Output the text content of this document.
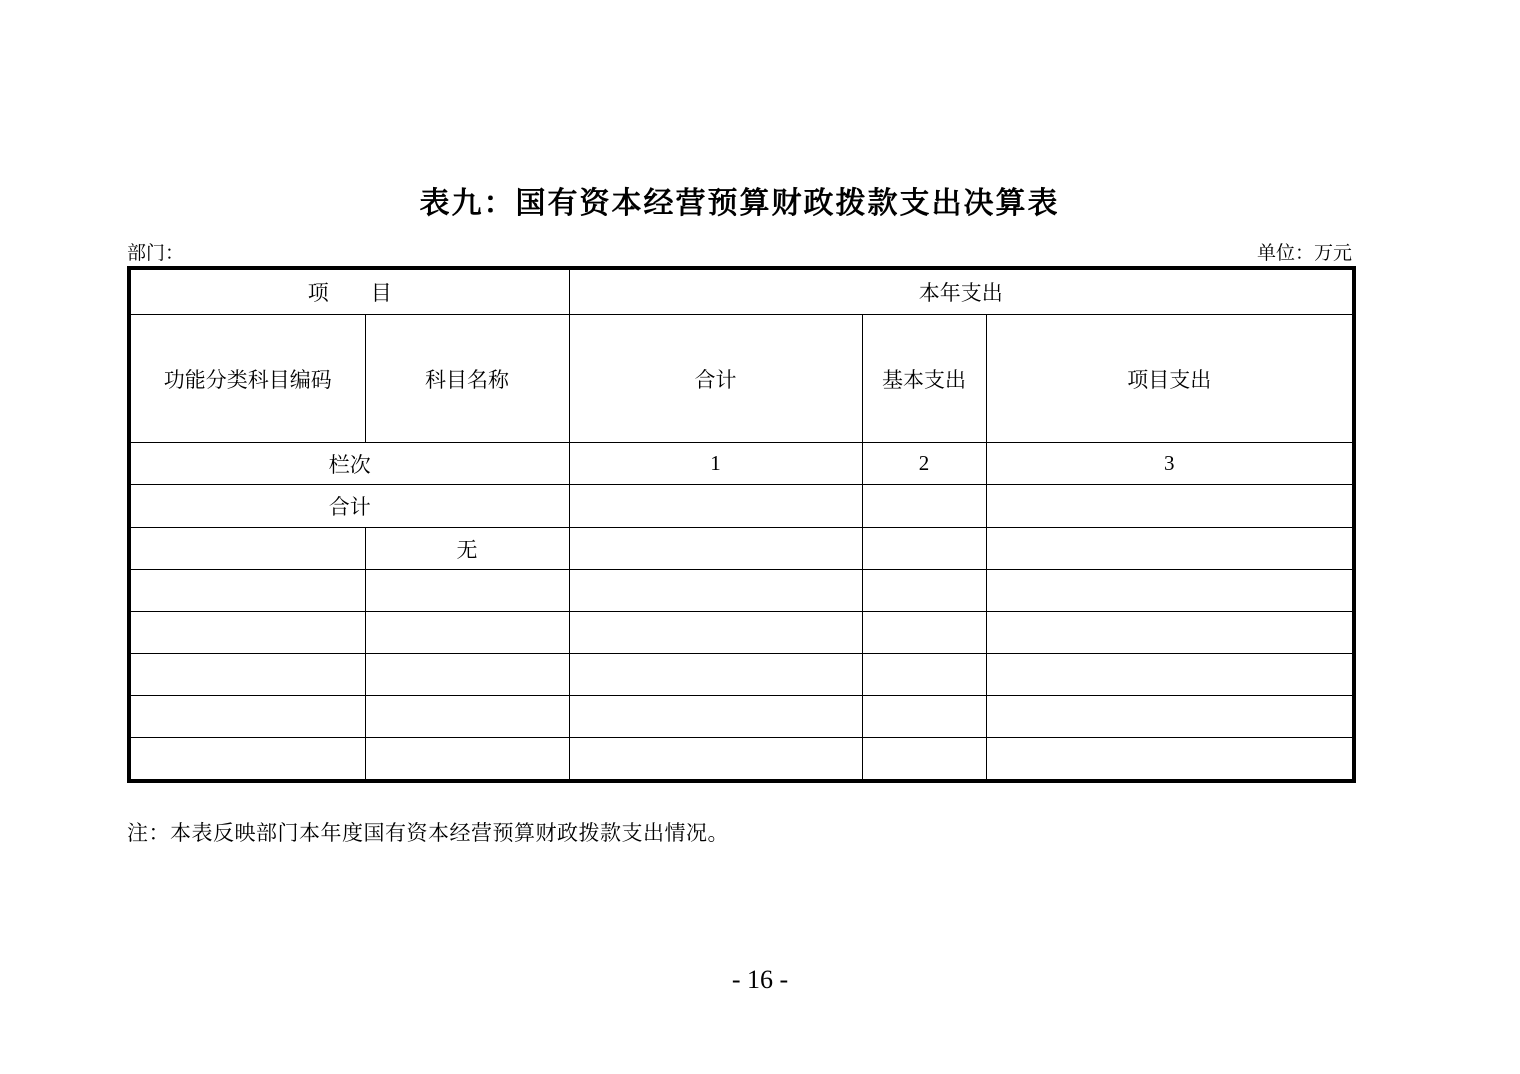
表九：国有资本经营预算财政拨款支出决算表
部门：	单位：万元
项　　目		本年支出		
功能分类科目编码	科目名称	合计	基本支出	项目支出
栏次		1	2	3
合计				
	无			

注：本表反映部门本年度国有资本经营预算财政拨款支出情况。
- 16 -
